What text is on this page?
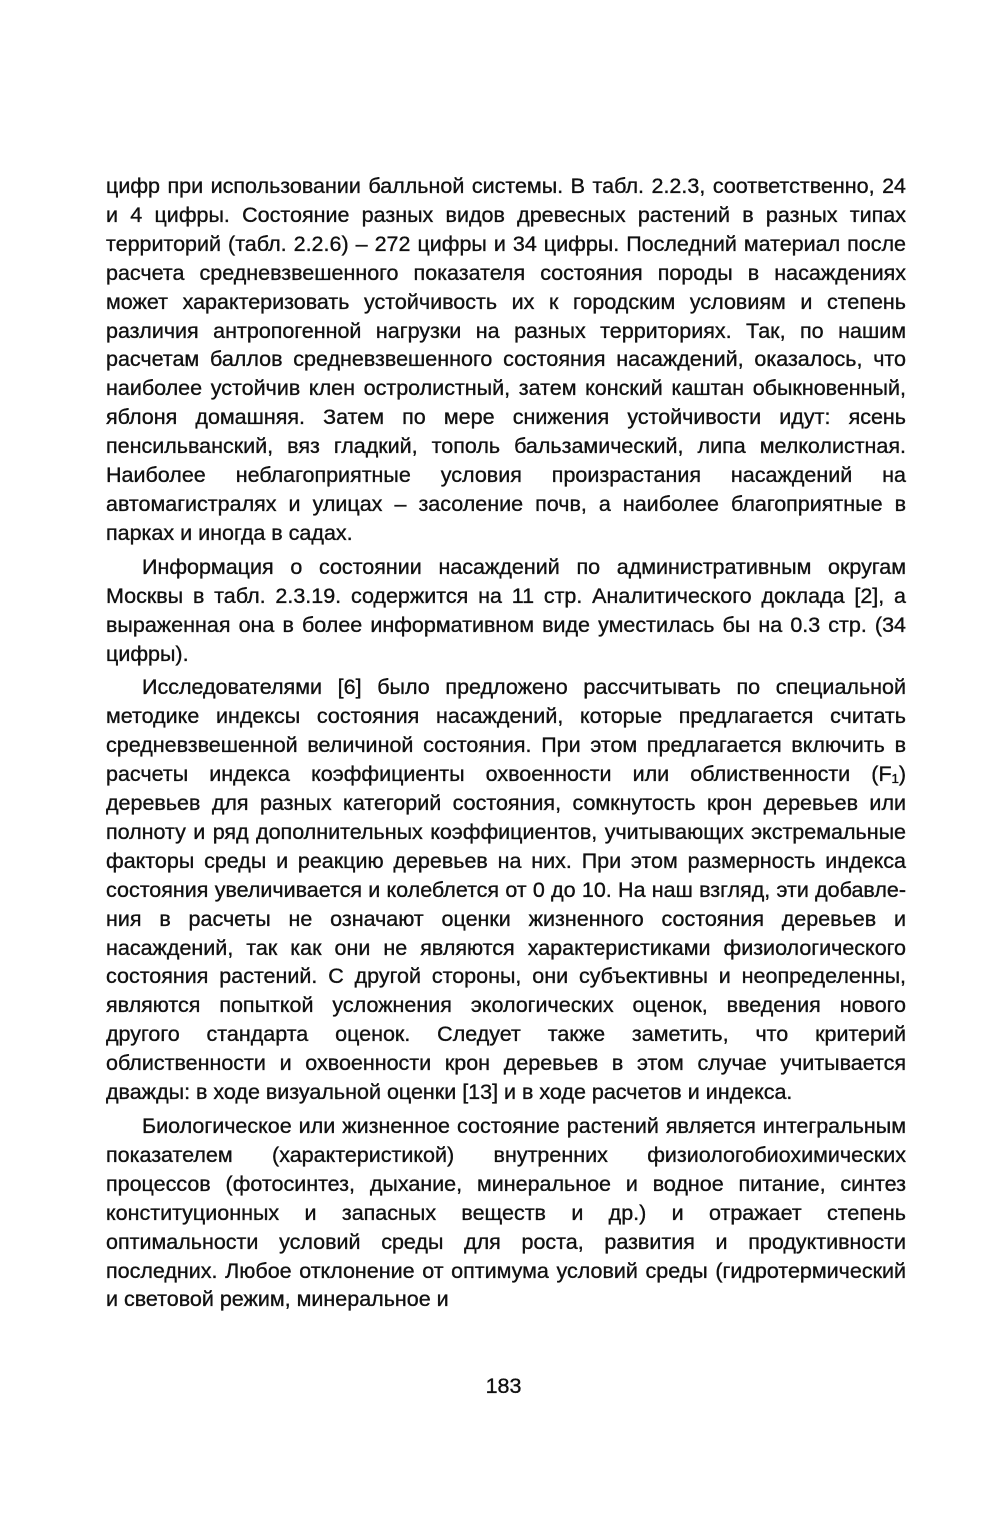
цифр при использовании балльной системы. В табл. 2.2.3, соответственно, 24 и 4 цифры. Состояние разных видов древесных растений в разных типах территорий (табл. 2.2.6) – 272 цифры и 34 цифры. Последний материал после расчета средневзвешенного показателя состояния породы в насаждениях может характеризовать устойчивость их к городским условиям и степень различия антропогенной нагрузки на разных территориях. Так, по нашим расчетам баллов средневзвешенного состояния насаждений, оказалось, что наиболее устойчив клен остролистный, затем конский каштан обыкновенный, яблоня домашняя. Затем по мере снижения устойчивости идут: ясень пенсильванский, вяз гладкий, тополь бальзамический, липа мелколистная. Наиболее неблагоприятные условия произрастания насаждений на автомагистралях и улицах – засоление почв, а наиболее благоприятные в парках и иногда в садах.

Информация о состоянии насаждений по административным округам Москвы в табл. 2.3.19. содержится на 11 стр. Аналитического доклада [2], а выраженная она в более информативном виде уместилась бы на 0.3 стр. (34 цифры).

Исследователями [6] было предложено рассчитывать по специальной методике индексы состояния насаждений, которые предлагается считать средневзвешенной величиной состояния. При этом предлагается включить в расчеты индекса коэффициенты охвоенности или облиственности (F₁) деревьев для разных категорий состояния, сомкнутость крон деревьев или полноту и ряд дополнительных коэффициентов, учитывающих экстремальные факторы среды и реакцию деревьев на них. При этом размерность индекса состояния увеличивается и колеблется от 0 до 10. На наш взгляд, эти добавления в расчеты не означают оценки жизненного состояния деревьев и насаждений, так как они не являются характеристиками физиологического состояния растений. С другой стороны, они субъективны и неопределенны, являются попыткой усложнения экологических оценок, введения нового другого стандарта оценок. Следует также заметить, что критерий облиственности и охвоенности крон деревьев в этом случае учитывается дважды: в ходе визуальной оценки [13] и в ходе расчетов и индекса.

Биологическое или жизненное состояние растений является интегральным показателем (характеристикой) внутренних физиологобиохимических процессов (фотосинтез, дыхание, минеральное и водное питание, синтез конституционных и запасных веществ и др.) и отражает степень оптимальности условий среды для роста, развития и продуктивности последних. Любое отклонение от оптимума условий среды (гидротермический и световой режим, минеральное и

183
